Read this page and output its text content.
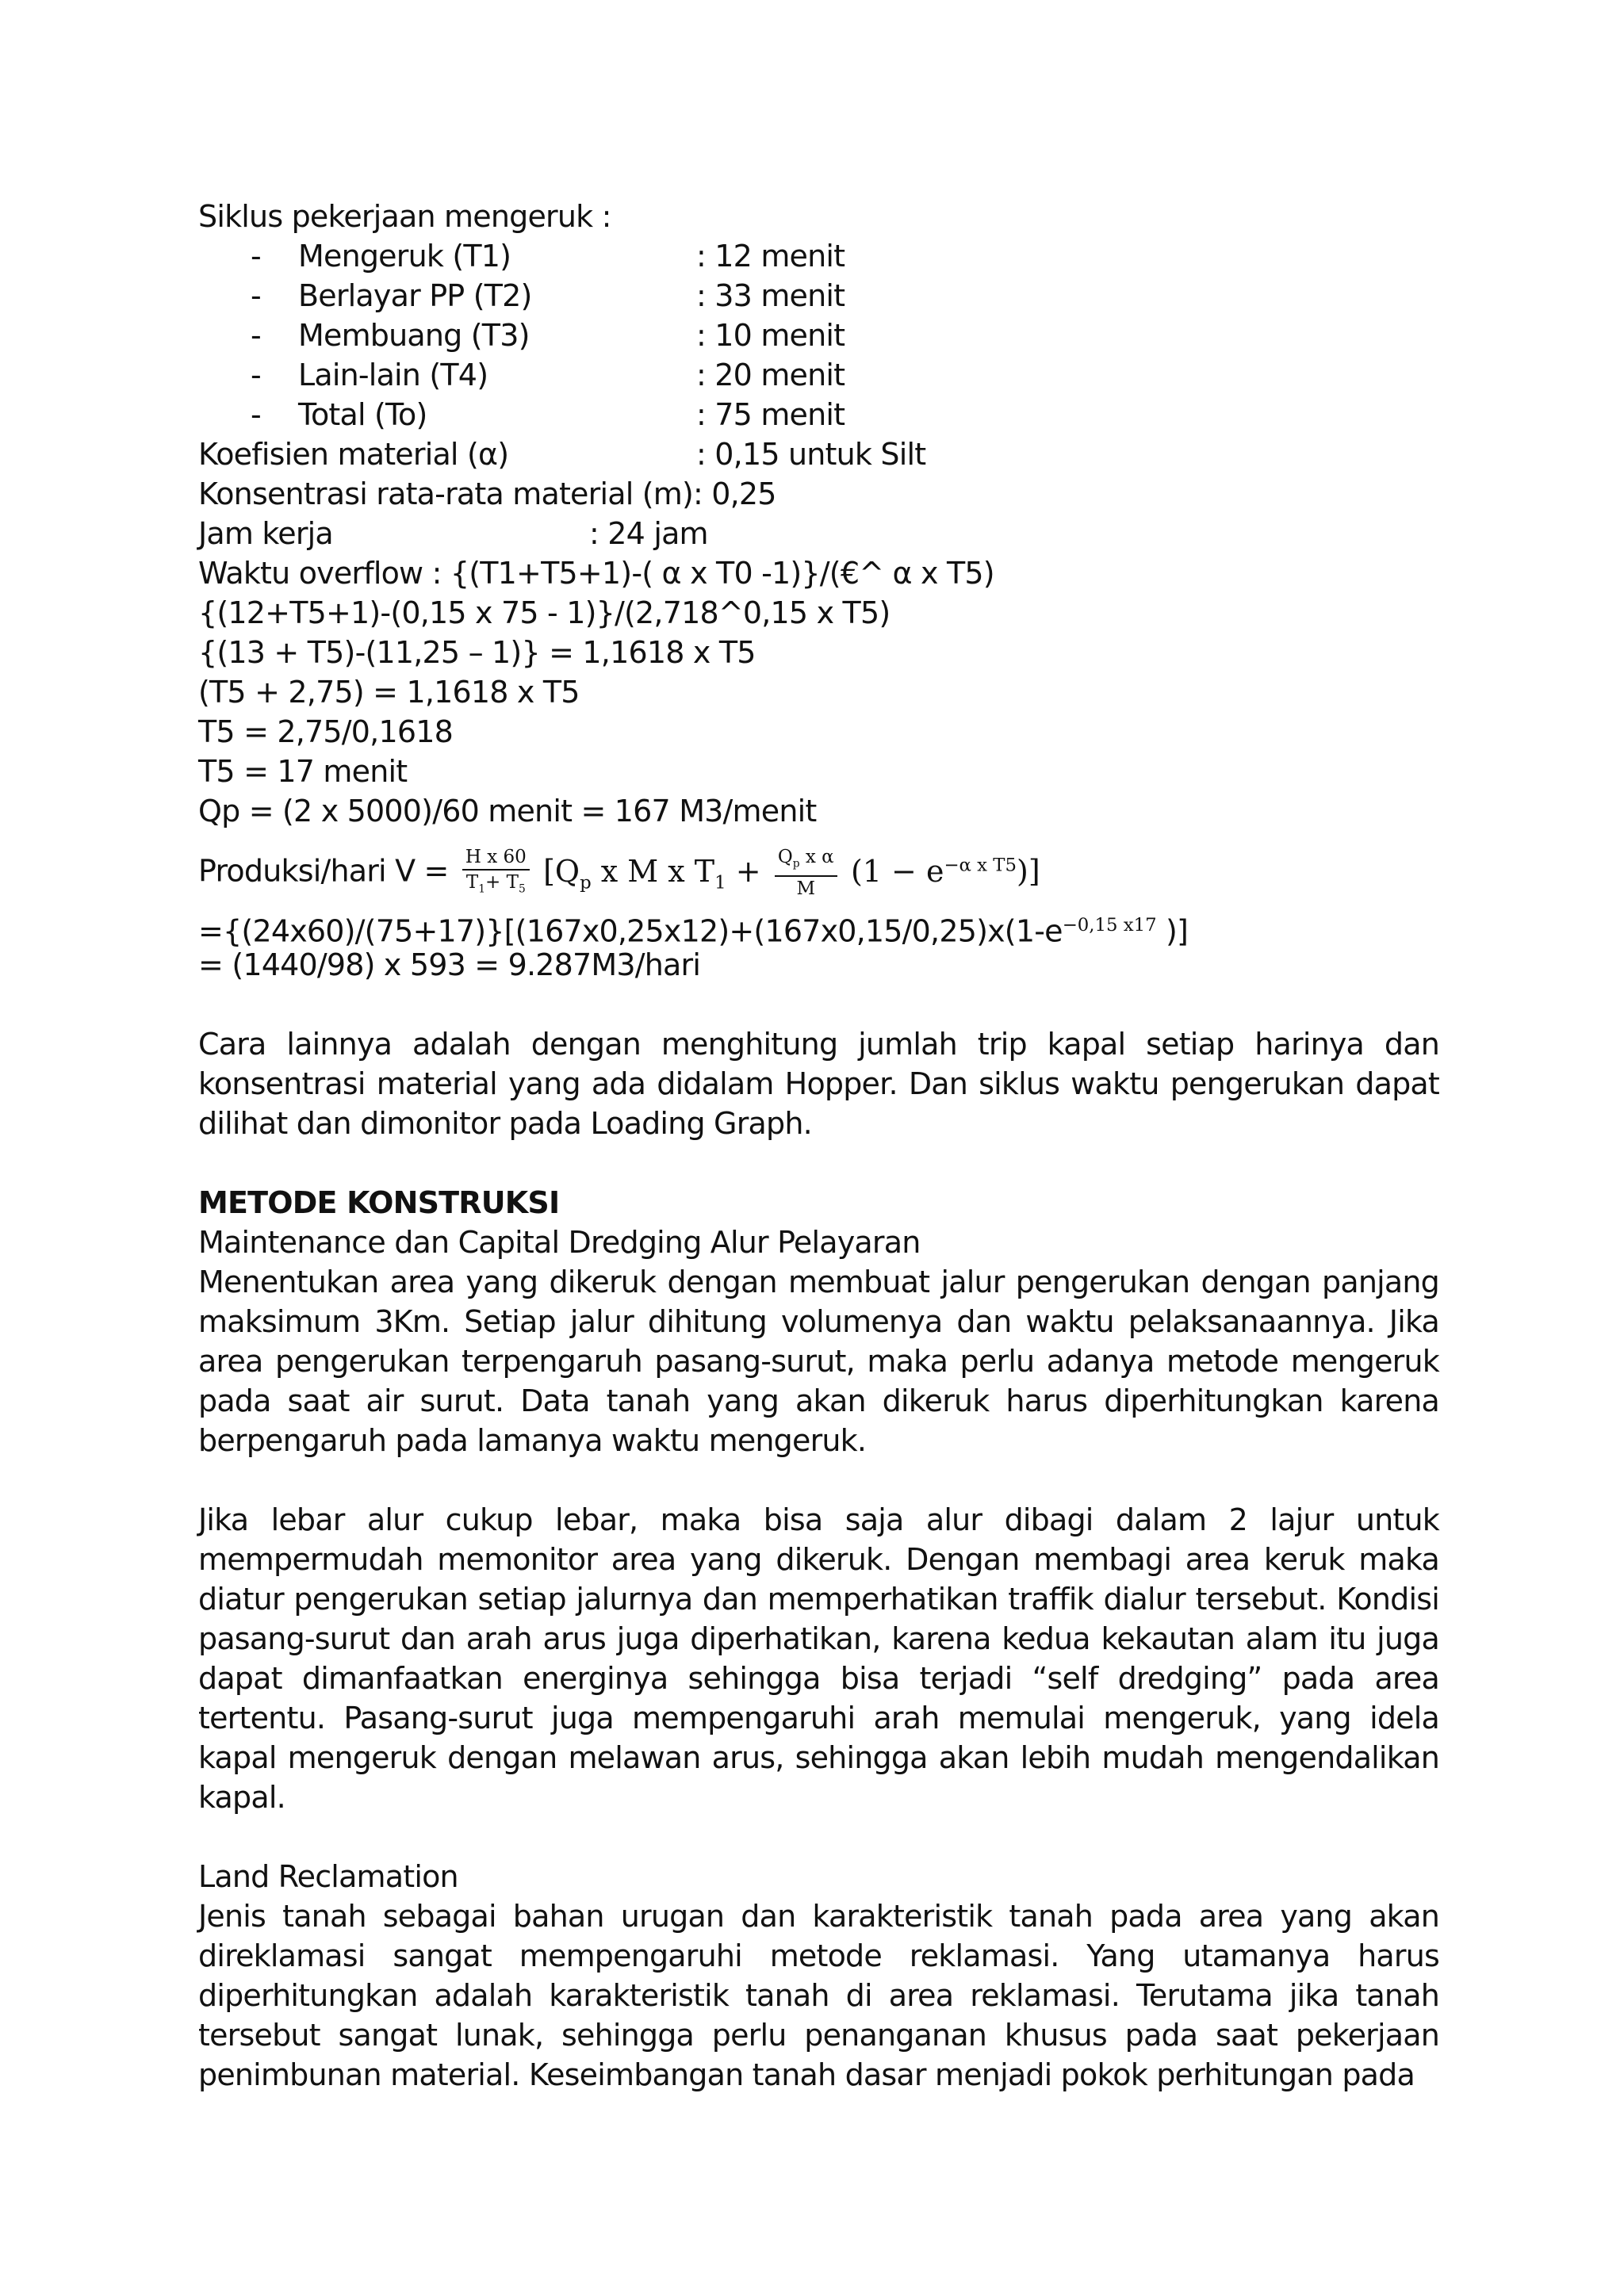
Siklus pekerjaan mengeruk :
- Mengeruk (T1)	: 12 menit
- Berlayar PP (T2)	: 33 menit
- Membuang (T3)	: 10 menit
- Lain-lain (T4)	: 20 menit
- Total (To)	: 75 menit
Koefisien material (α)	: 0,15 untuk Silt
Konsentrasi rata-rata material (m): 0,25
Jam kerja	: 24 jam
Waktu overflow : {(T1+T5+1)-( α x T0 -1)}/(€^ α x T5)
{(12+T5+1)-(0,15 x 75 - 1)}/(2,718^0,15 x T5)
{(13 + T5)-(11,25 – 1)} = 1,1618 x T5
(T5 + 2,75) = 1,1618 x T5
T5 = 2,75/0,1618
T5 = 17 menit
Qp = (2 x 5000)/60 menit = 167 M3/menit
Produksi/hari $V = \frac{\text{H x 60}}{T_1+ T_5} [Q_p$ x M x $T_1 + \frac{Q_p x \alpha}{M} (1 - e^{-\alpha x T5})$]
$=\{(24x60)/(75+17)\}[(167x0,25x12)+(167x0,15/0,25)x(1-e^{-0,15 x17}$ )]
= (1440/98) x 593 = 9.287M3/hari

Cara lainnya adalah dengan menghitung jumlah trip kapal setiap harinya dan konsentrasi material yang ada didalam Hopper. Dan siklus waktu pengerukan dapat dilihat dan dimonitor pada Loading Graph.

METODE KONSTRUKSI
Maintenance dan Capital Dredging Alur Pelayaran

Menentukan area yang dikeruk dengan membuat jalur pengerukan dengan panjang maksimum 3Km. Setiap jalur dihitung volumenya dan waktu pelaksanaannya. Jika area pengerukan terpengaruh pasang-surut, maka perlu adanya metode mengeruk pada saat air surut. Data tanah yang akan dikeruk harus diperhitungkan karena berpengaruh pada lamanya waktu mengeruk.

Jika lebar alur cukup lebar, maka bisa saja alur dibagi dalam 2 lajur untuk mempermudah memonitor area yang dikeruk. Dengan membagi area keruk maka diatur pengerukan setiap jalurnya dan memperhatikan traffik dialur tersebut. Kondisi pasang-surut dan arah arus juga diperhatikan, karena kedua kekautan alam itu juga dapat dimanfaatkan energinya sehingga bisa terjadi “self dredging” pada area tertentu. Pasang-surut juga mempengaruhi arah memulai mengeruk, yang idela kapal mengeruk dengan melawan arus, sehingga akan lebih mudah mengendalikan kapal.

Land Reclamation

Jenis tanah sebagai bahan urugan dan karakteristik tanah pada area yang akan direklamasi sangat mempengaruhi metode reklamasi. Yang utamanya harus diperhitungkan adalah karakteristik tanah di area reklamasi. Terutama jika tanah tersebut sangat lunak, sehingga perlu penanganan khusus pada saat pekerjaan penimbunan material. Keseimbangan tanah dasar menjadi pokok perhitungan pada
